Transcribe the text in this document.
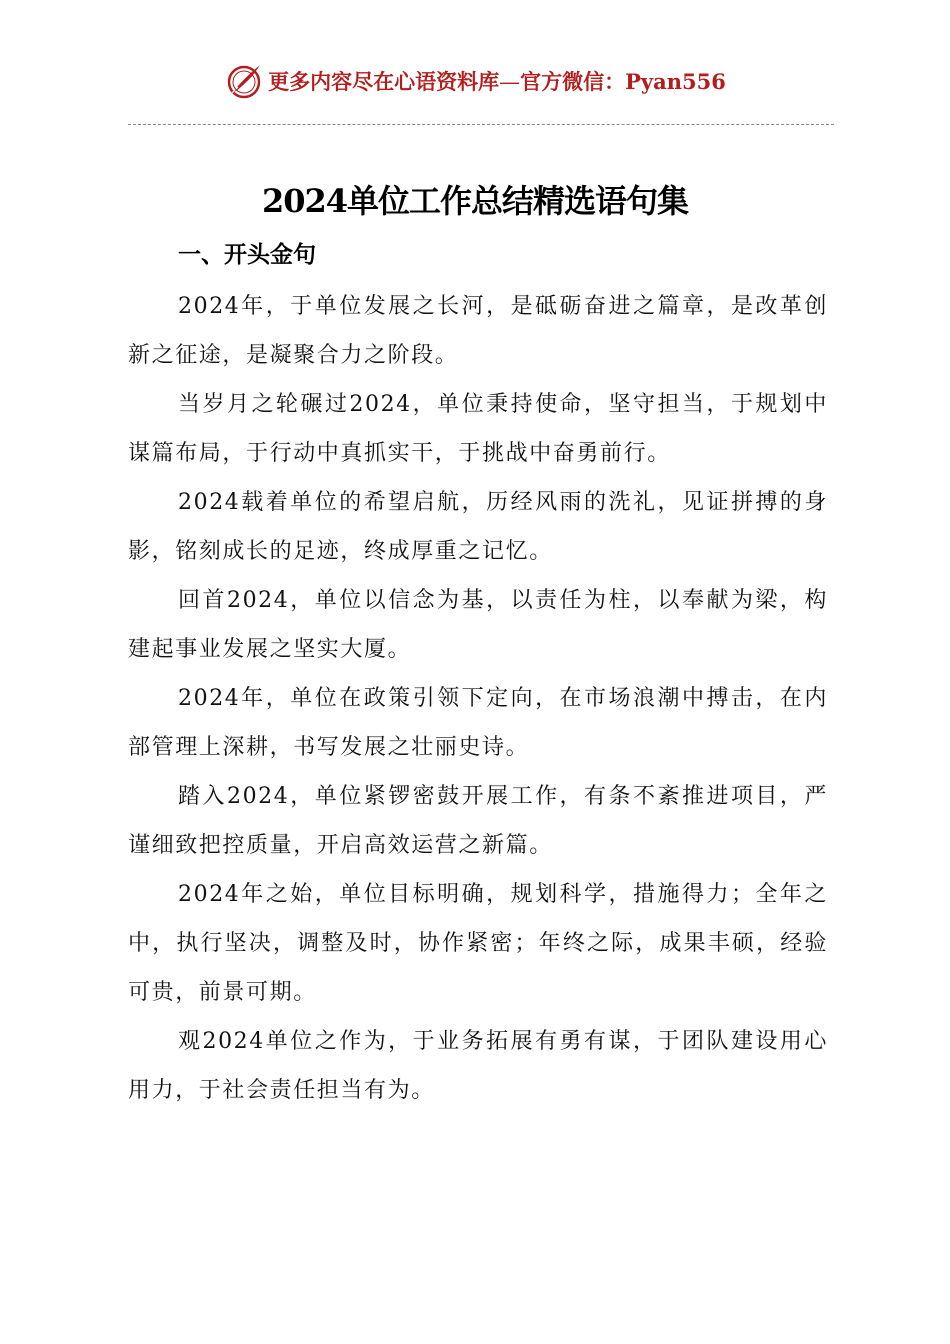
更多内容尽在心语资料库—官方微信：Pyan556
2024单位工作总结精选语句集
一、开头金句

2024年，于单位发展之长河，是砥砺奋进之篇章，是改革创新之征途，是凝聚合力之阶段。

当岁月之轮碾过2024，单位秉持使命，坚守担当，于规划中谋篇布局，于行动中真抓实干，于挑战中奋勇前行。

2024载着单位的希望启航，历经风雨的洗礼，见证拼搏的身影，铭刻成长的足迹，终成厚重之记忆。

回首2024，单位以信念为基，以责任为柱，以奉献为梁，构建起事业发展之坚实大厦。

2024年，单位在政策引领下定向，在市场浪潮中搏击，在内部管理上深耕，书写发展之壮丽史诗。

踏入2024，单位紧锣密鼓开展工作，有条不紊推进项目，严谨细致把控质量，开启高效运营之新篇。

2024年之始，单位目标明确，规划科学，措施得力；全年之中，执行坚决，调整及时，协作紧密；年终之际，成果丰硕，经验可贵，前景可期。

观2024单位之作为，于业务拓展有勇有谋，于团队建设用心用力，于社会责任担当有为。
